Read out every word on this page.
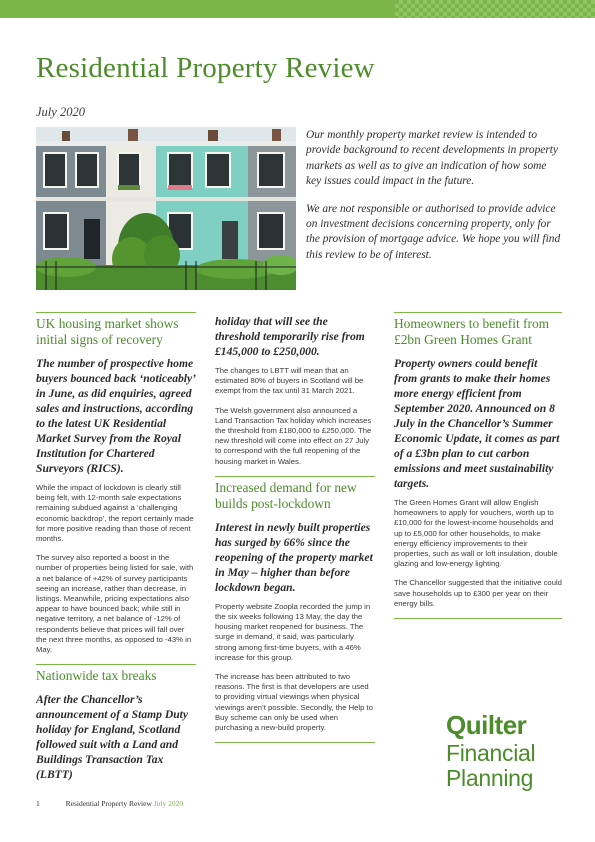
Residential Property Review
July 2020

Our monthly property market review is intended to provide background to recent developments in property markets as well as to give an indication of how some key issues could impact in the future.

We are not responsible or authorised to provide advice on investment decisions concerning property, only for the provision of mortgage advice. We hope you will find this review to be of interest.

UK housing market shows initial signs of recovery

The number of prospective home buyers bounced back ‘noticeably’ in June, as did enquiries, agreed sales and instructions, according to the latest UK Residential Market Survey from the Royal Institution for Chartered Surveyors (RICS).

While the impact of lockdown is clearly still being felt, with 12-month sale expectations remaining subdued against a ‘challenging economic backdrop’, the report certainly made for more positive reading than those of recent months.

The survey also reported a boost in the number of properties being listed for sale, with a net balance of +42% of survey participants seeing an increase, rather than decrease, in listings. Meanwhile, pricing expectations also appear to have bounced back; while still in negative territory, a net balance of -12% of respondents believe that prices will fall over the next three months, as opposed to -43% in May.

Nationwide tax breaks

After the Chancellor’s announcement of a Stamp Duty holiday for England, Scotland followed suit with a Land and Buildings Transaction Tax (LBTT)

holiday that will see the threshold temporarily rise from £145,000 to £250,000.

The changes to LBTT will mean that an estimated 80% of buyers in Scotland will be exempt from the tax until 31 March 2021.

The Welsh government also announced a Land Transaction Tax holiday which increases the threshold from £180,000 to £250,000. The new threshold will come into effect on 27 July to correspond with the full reopening of the housing market in Wales.

Increased demand for new builds post-lockdown

Interest in newly built properties has surged by 66% since the reopening of the property market in May – higher than before lockdown began.

Property website Zoopla recorded the jump in the six weeks following 13 May, the day the housing market reopened for business. The surge in demand, it said, was particularly strong among first-time buyers, with a 46% increase for this group.

The increase has been attributed to two reasons. The first is that developers are used to providing virtual viewings when physical viewings aren’t possible. Secondly, the Help to Buy scheme can only be used when purchasing a new-build property.

Homeowners to benefit from £2bn Green Homes Grant

Property owners could benefit from grants to make their homes more energy efficient from September 2020. Announced on 8 July in the Chancellor’s Summer Economic Update, it comes as part of a £3bn plan to cut carbon emissions and meet sustainability targets.

The Green Homes Grant will allow English homeowners to apply for vouchers, worth up to £10,000 for the lowest-income households and up to £5,000 for other households, to make energy efficiency improvements to their properties, such as wall or loft insulation, double glazing and low-energy lighting.

The Chancellor suggested that the initiative could save households up to £300 per year on their energy bills.

1	Residential Property Review July 2020
Quilter
Financial
Planning
